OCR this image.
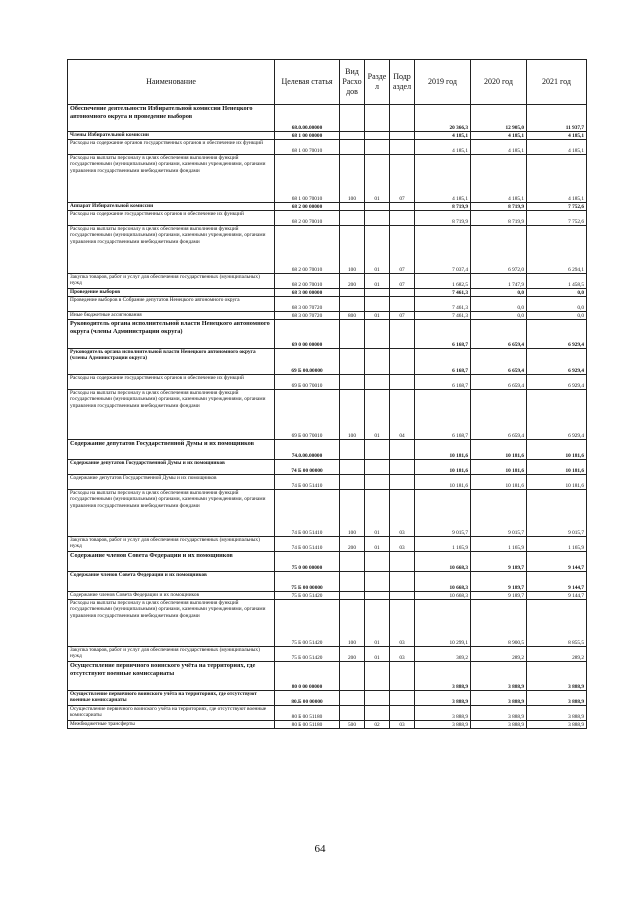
Наименование	Целевая статья	Вид Расхо дов	Разде л	Подр аздел	2019 год	2020 год	2021 год
Обеспечение деятельности Избирательной комиссии Ненецкого автономного округа и проведение выборов	68.0.00.00000				20 366,3	12 905,0	11 937,7
Члены Избирательной комиссии	68 1 00 00000				4 185,1	4 185,1	4 185,1
Расходы на содержание органов государственных органов и обеспечение их функций	68 1 00 70010				4 185,1	4 185,1	4 185,1
Расходы на выплаты персоналу в целях обеспечения выполнения функций государственными (муниципальными) органами, казенными учреждениями, органами управления государственными внебюджетными фондами	68 1 00 70010	100	01	07	4 185,1	4 185,1	4 185,1
Аппарат Избирательной комиссии	68 2 00 00000				8 719,9	8 719,9	7 752,6
Расходы на содержание государственных органов и обеспечение их функций	68 2 00 70010				8 719,9	8 719,9	7 752,6
Расходы на выплаты персоналу в целях обеспечения выполнения функций государственными (муниципальными) органами, казенными учреждениями, органами управления государственными внебюджетными фондами	68 2 00 70010	100	01	07	7 037,4	6 972,0	6 294,1
Закупка товаров, работ и услуг для обеспечения государственных (муниципальных) нужд	68 2 00 70010	200	01	07	1 682,5	1 747,9	1 458,5
Проведение выборов	68 3 00 00000				7 461,3	0,0	0,0
Проведение выборов в Собрание депутатов Ненецкого автономного округа	68 3 00 70720				7 461,3	0,0	0,0
Иные бюджетные ассигнования	68 3 00 70720	800	01	07	7 461,3	0,0	0,0
Руководитель органа исполнительной власти Ненецкого автономного округа (члены Администрации округа)	69 0 00 00000				6 168,7	6 659,4	6 929,4
Руководитель органа исполнительной власти Ненецкого автономного округа (члены Администрации округа)	69 Б 00.00000				6 168,7	6 659,4	6 929,4
Расходы на содержание государственных органов и обеспечение их функций	69 Б 00 70010				6 168,7	6 659,4	6 929,4
Расходы на выплаты персоналу в целях обеспечения выполнения функций государственными (муниципальными) органами, казенными учреждениями, органами управления государственными внебюджетными фондами	69 Б 00 70010	100	01	04	6 168,7	6 659,4	6 929,4
Содержание депутатов Государственной Думы и их помощников	74.0.00.00000				10 181,6	10 181,6	10 181,6
Содержание депутатов Государственной Думы и их помощников	74 Б 00 00000				10 181,6	10 181,6	10 181,6
Содержание депутатов Государственной Думы и их помощников	74 Б 00 51410				10 181,6	10 181,6	10 181,6
Расходы на выплаты персоналу в целях обеспечения выполнения функций государственными (муниципальными) органами, казенными учреждениями, органами управления государственными внебюджетными фондами	74 Б 00 51410	100	01	03	9 015,7	9 015,7	9 015,7
Закупка товаров, работ и услуг для обеспечения государственных (муниципальных) нужд	74 Б 00 51410	200	01	03	1 165,9	1 165,9	1 165,9
Содержание членов Совета Федерации и их помощников	75 0 00 00000				10 668,3	9 189,7	9 144,7
Содержание членов Совета Федерации и их помощников	75 Б 00 00000				10 668,3	9 189,7	9 144,7
Содержание членов Совета Федерации и их помощников	75 Б 00 51420				10 668,3	9 189,7	9 144,7
Расходы на выплаты персоналу в целях обеспечения выполнения функций государственными (муниципальными) органами, казенными учреждениями, органами управления государственными внебюджетными фондами	75 Б 00 51420	100	01	03	10 299,1	8 900,5	8 855,5
Закупка товаров, работ и услуг для обеспечения государственных (муниципальных) нужд	75 Б 00 51420	200	01	03	369,2	289,2	289,2
Осуществление первичного воинского учёта на территориях, где отсутствуют военные комиссариаты	80 0 00 00000				3 888,9	3 888,9	3 888,9
Осуществление первичного воинского учёта на территориях, где отсутствуют военные комиссариаты	80.Б 00 00000				3 888,9	3 888,9	3 888,9
Осуществление первичного воинского учёта на территориях, где отсутствуют военные комиссариаты	80 Б 00 51180				3 888,9	3 888,9	3 888,9
Межбюджетные трансферты	80 Б 00 51180	500	02	03	3 888,9	3 888,9	3 888,9
64
